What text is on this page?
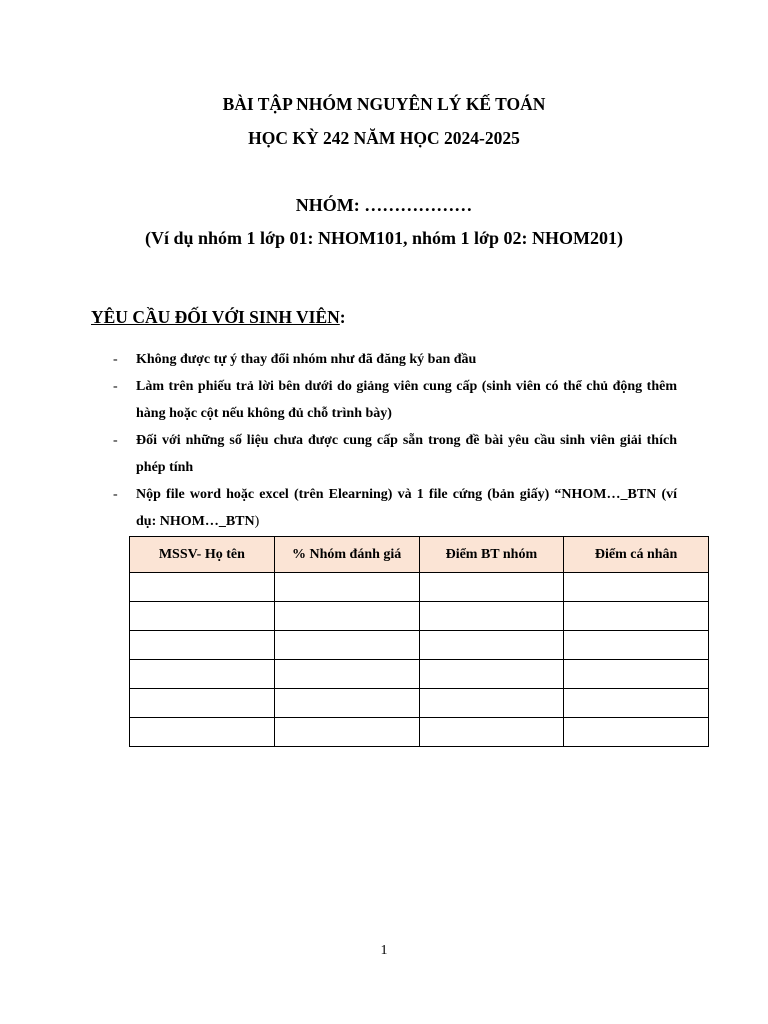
BÀI TẬP NHÓM NGUYÊN LÝ KẾ TOÁN
HỌC KỲ 242 NĂM HỌC 2024-2025
NHÓM: ………………
(Ví dụ nhóm 1 lớp 01: NHOM101, nhóm 1 lớp 02: NHOM201)
YÊU CẦU ĐỐI VỚI SINH VIÊN:
- Không được tự ý thay đổi nhóm như đã đăng ký ban đầu
- Làm trên phiếu trả lời bên dưới do giảng viên cung cấp (sinh viên có thể chủ động thêm hàng hoặc cột nếu không đủ chỗ trình bày)
- Đối với những số liệu chưa được cung cấp sẵn trong đề bài yêu cầu sinh viên giải thích phép tính
- Nộp file word hoặc excel (trên Elearning) và 1 file cứng (bản giấy) “NHOM…_BTN (ví dụ: NHOM…_BTN)
MSSV- Họ tên	% Nhóm đánh giá	Điểm BT nhóm	Điểm cá nhân

1
